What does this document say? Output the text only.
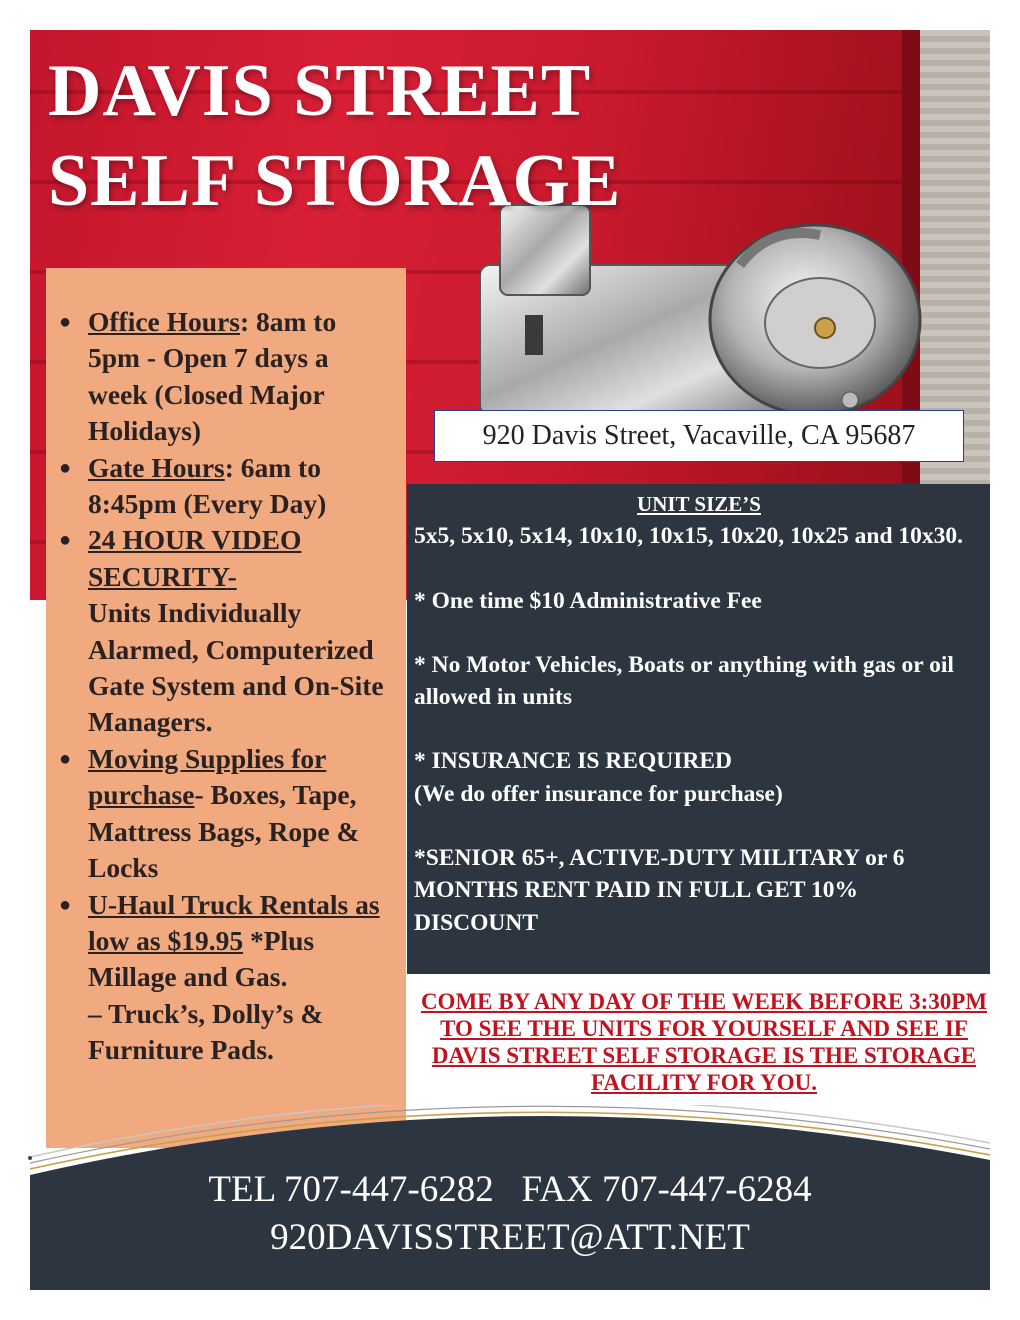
DAVIS STREET
SELF STORAGE
920 Davis Street, Vacaville, CA 95687
● Office Hours: 8am to 5pm - Open 7 days a week (Closed Major Holidays)
● Gate Hours: 6am to 8:45pm (Every Day)
● 24 HOUR VIDEO SECURITY-
Units Individually Alarmed, Computerized Gate System and On-Site Managers.
● Moving Supplies for purchase- Boxes, Tape, Mattress Bags, Rope & Locks
● U-Haul Truck Rentals as low as $19.95 *Plus Millage and Gas.
– Truck’s, Dolly’s & Furniture Pads.

UNIT SIZE’S

5x5, 5x10, 5x14, 10x10, 10x15, 10x20, 10x25 and 10x30.

* One time $10 Administrative Fee

* No Motor Vehicles, Boats or anything with gas or oil allowed in units

* INSURANCE IS REQUIRED

(We do offer insurance for purchase)

*SENIOR 65+, ACTIVE-DUTY MILITARY or 6 MONTHS RENT PAID IN FULL GET 10% DISCOUNT

COME BY ANY DAY OF THE WEEK BEFORE 3:30PM TO SEE THE UNITS FOR YOURSELF AND SEE IF DAVIS STREET SELF STORAGE IS THE STORAGE FACILITY FOR YOU.
TEL 707-447-6282   FAX 707-447-6284
920DAVISSTREET@ATT.NET
